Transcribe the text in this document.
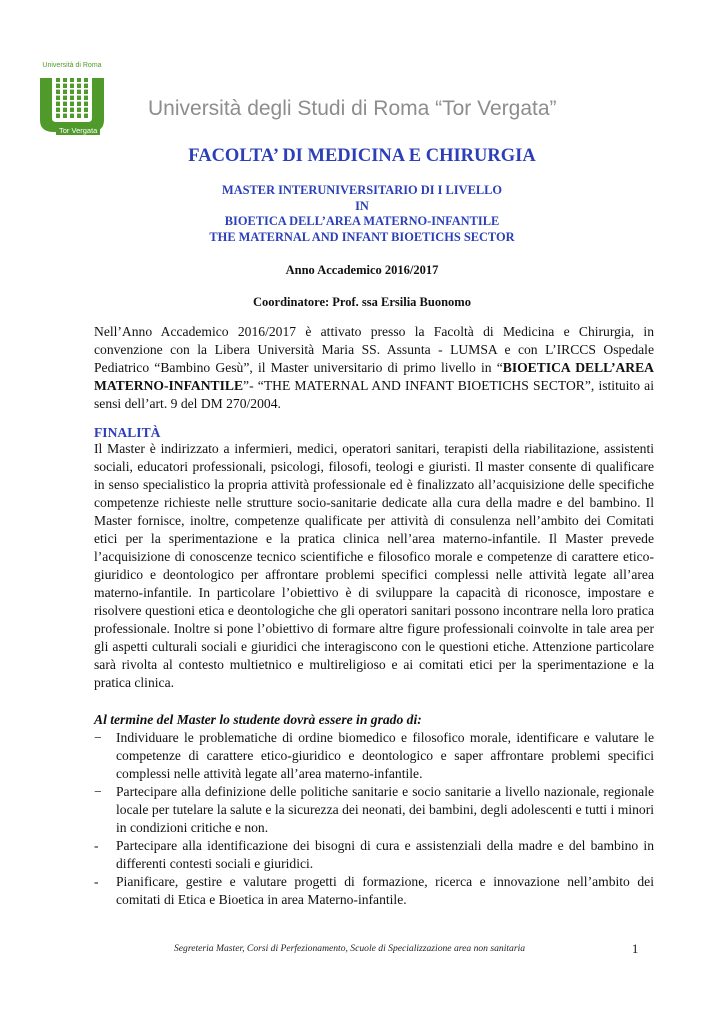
Università di Roma
Tor Vergata
Università degli Studi di Roma “Tor Vergata”
FACOLTA’ DI MEDICINA E CHIRURGIA
MASTER INTERUNIVERSITARIO DI I LIVELLO
IN
BIOETICA DELL’AREA MATERNO-INFANTILE
THE MATERNAL AND INFANT BIOETICHS SECTOR
Anno Accademico 2016/2017
Coordinatore: Prof. ssa Ersilia Buonomo
Nell’Anno Accademico 2016/2017 è attivato presso la Facoltà di Medicina e Chirurgia, in convenzione con la Libera Università Maria SS. Assunta - LUMSA e con L’IRCCS Ospedale Pediatrico “Bambino Gesù”, il Master universitario di primo livello in “BIOETICA DELL’AREA MATERNO-INFANTILE”- “THE MATERNAL AND INFANT BIOETICHS SECTOR”, istituito ai sensi dell’art. 9 del DM 270/2004.
FINALITÀ
Il Master è indirizzato a infermieri, medici, operatori sanitari, terapisti della riabilitazione, assistenti sociali, educatori professionali, psicologi, filosofi, teologi e giuristi. Il master consente di qualificare in senso specialistico la propria attività professionale ed è finalizzato all’acquisizione delle specifiche competenze richieste nelle strutture socio-sanitarie dedicate alla cura della madre e del bambino. Il Master fornisce, inoltre, competenze qualificate per attività di consulenza nell’ambito dei Comitati etici per la sperimentazione e la pratica clinica nell’area materno-infantile. Il Master prevede l’acquisizione di conoscenze tecnico scientifiche e filosofico morale e competenze di carattere etico-giuridico e deontologico per affrontare problemi specifici complessi nelle attività legate all’area materno-infantile. In particolare l’obiettivo è di sviluppare la capacità di riconosce, impostare e risolvere questioni etica e deontologiche che gli operatori sanitari possono incontrare nella loro pratica professionale. Inoltre si pone l’obiettivo di formare altre figure professionali coinvolte in tale area per gli aspetti culturali sociali e giuridici che interagiscono con le questioni etiche. Attenzione particolare sarà rivolta al contesto multietnico e multireligioso e ai comitati etici per la sperimentazione e la pratica clinica.
Al termine del Master lo studente dovrà essere in grado di:
− Individuare le problematiche di ordine biomedico e filosofico morale, identificare e valutare le competenze di carattere etico-giuridico e deontologico e saper affrontare problemi specifici complessi nelle attività legate all’area materno-infantile.
− Partecipare alla definizione delle politiche sanitarie e socio sanitarie a livello nazionale, regionale locale per tutelare la salute e la sicurezza dei neonati, dei bambini, degli adolescenti e tutti i minori in condizioni critiche e non.
- Partecipare alla identificazione dei bisogni di cura e assistenziali della madre e del bambino in differenti contesti sociali e giuridici.
- Pianificare, gestire e valutare progetti di formazione, ricerca e innovazione nell’ambito dei comitati di Etica e Bioetica in area Materno-infantile.
Segreteria Master, Corsi di Perfezionamento, Scuole di Specializzazione area non sanitaria	1
